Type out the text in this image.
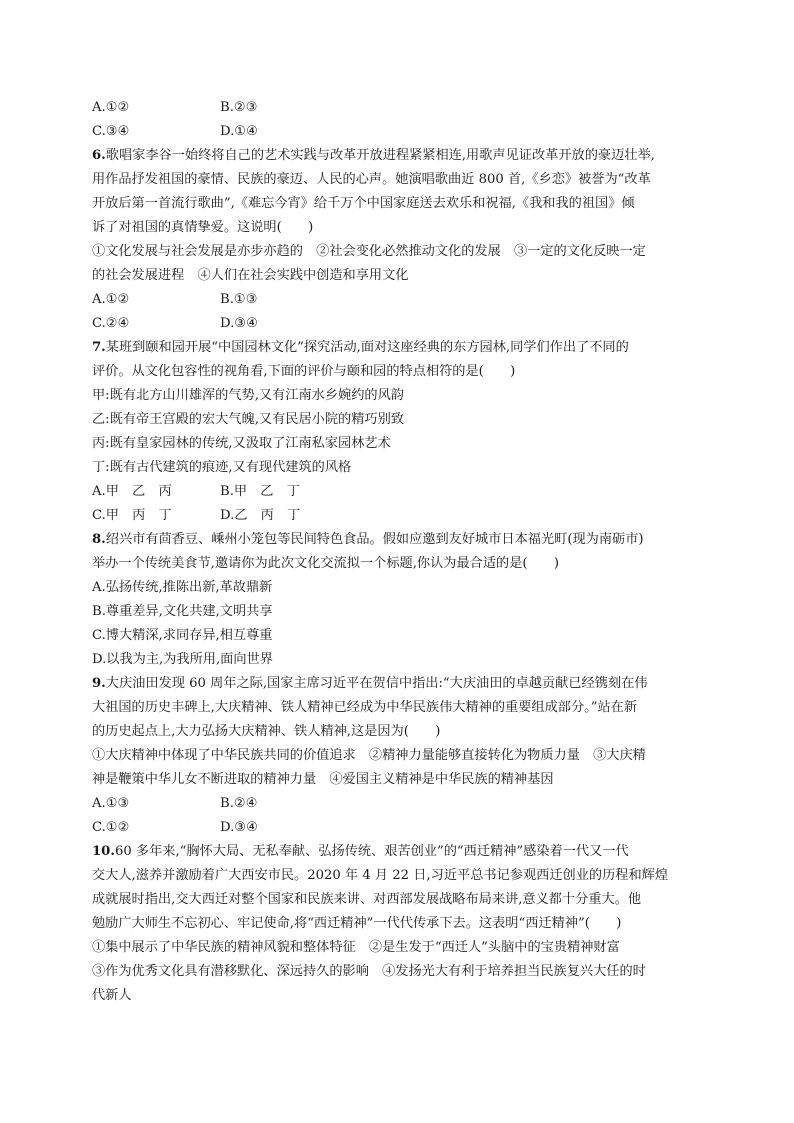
A.①②	B.②③
C.③④	D.①④
6.歌唱家李谷一始终将自己的艺术实践与改革开放进程紧紧相连,用歌声见证改革开放的豪迈壮举,
用作品抒发祖国的豪情、民族的豪迈、人民的心声。她演唱歌曲近 800 首,《乡恋》被誉为“改革
开放后第一首流行歌曲”,《难忘今宵》给千万个中国家庭送去欢乐和祝福,《我和我的祖国》倾
诉了对祖国的真情挚爱。这说明(　　)
①文化发展与社会发展是亦步亦趋的　②社会变化必然推动文化的发展　③一定的文化反映一定
的社会发展进程　④人们在社会实践中创造和享用文化
A.①②	B.①③
C.②④	D.③④
7.某班到颐和园开展“中国园林文化”探究活动,面对这座经典的东方园林,同学们作出了不同的
评价。从文化包容性的视角看,下面的评价与颐和园的特点相符的是(　　)
甲:既有北方山川雄浑的气势,又有江南水乡婉约的风韵
乙:既有帝王宫殿的宏大气魄,又有民居小院的精巧别致
丙:既有皇家园林的传统,又汲取了江南私家园林艺术
丁:既有古代建筑的痕迹,又有现代建筑的风格
A.甲　乙　丙	B.甲　乙　丁
C.甲　丙　丁	D.乙　丙　丁
8.绍兴市有茴香豆、嵊州小笼包等民间特色食品。假如应邀到友好城市日本福光町(现为南砺市)
举办一个传统美食节,邀请你为此次文化交流拟一个标题,你认为最合适的是(　　)
A.弘扬传统,推陈出新,革故鼎新
B.尊重差异,文化共建,文明共享
C.博大精深,求同存异,相互尊重
D.以我为主,为我所用,面向世界
9.大庆油田发现 60 周年之际,国家主席习近平在贺信中指出:“大庆油田的卓越贡献已经镌刻在伟
大祖国的历史丰碑上,大庆精神、铁人精神已经成为中华民族伟大精神的重要组成部分。”站在新
的历史起点上,大力弘扬大庆精神、铁人精神,这是因为(　　)
①大庆精神中体现了中华民族共同的价值追求　②精神力量能够直接转化为物质力量　③大庆精
神是鞭策中华儿女不断进取的精神力量　④爱国主义精神是中华民族的精神基因
A.①③	B.②④
C.①②	D.③④
10.60 多年来,“胸怀大局、无私奉献、弘扬传统、艰苦创业”的“西迁精神”感染着一代又一代
交大人,滋养并激励着广大西安市民。2020 年 4 月 22 日,习近平总书记参观西迁创业的历程和辉煌
成就展时指出,交大西迁对整个国家和民族来讲、对西部发展战略布局来讲,意义都十分重大。他
勉励广大师生不忘初心、牢记使命,将“西迁精神”一代代传承下去。这表明“西迁精神”(　　)
①集中展示了中华民族的精神风貌和整体特征　②是生发于“西迁人”头脑中的宝贵精神财富
③作为优秀文化具有潜移默化、深远持久的影响　④发扬光大有利于培养担当民族复兴大任的时
代新人
